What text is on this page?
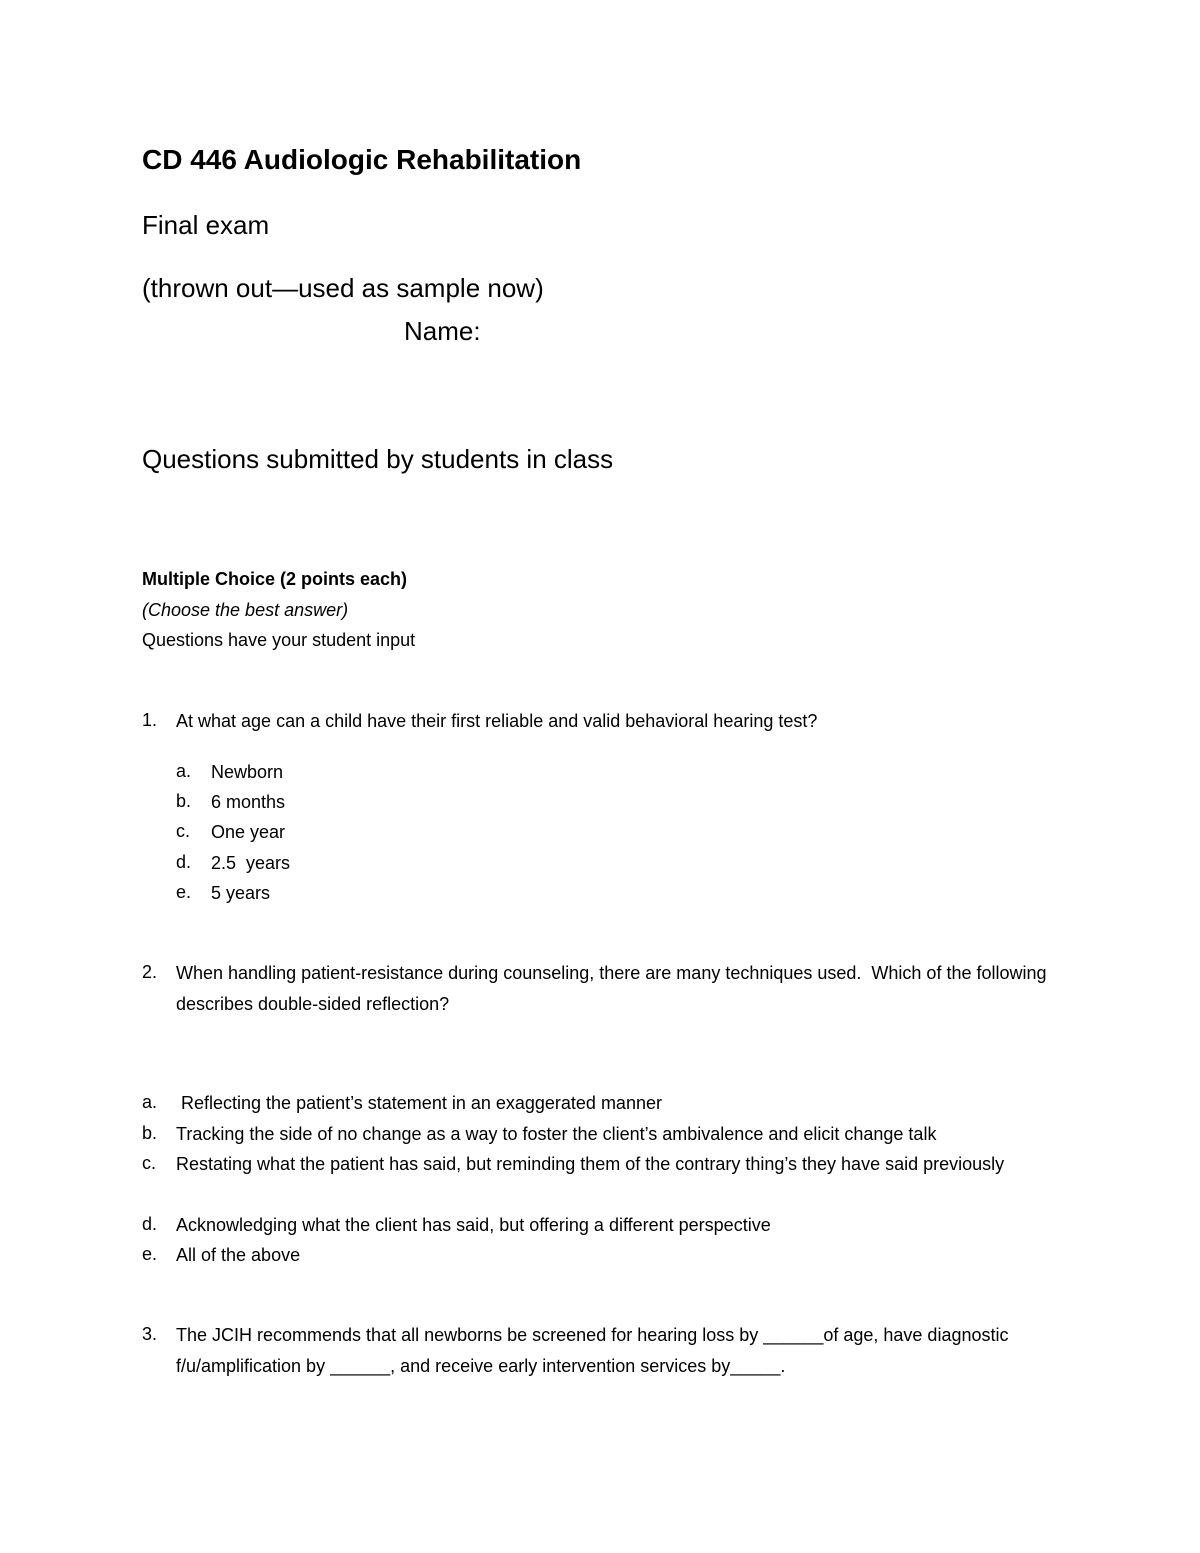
CD 446 Audiologic Rehabilitation
Final exam
(thrown out—used as sample now)
Name:
Questions submitted by students in class
Multiple Choice (2 points each)
(Choose the best answer)
Questions have your student input
1. At what age can a child have their first reliable and valid behavioral hearing test?
a. Newborn
b. 6 months
c. One year
d. 2.5  years
e. 5 years
2. When handling patient-resistance during counseling, there are many techniques used.  Which of the following describes double-sided reflection?
a. Reflecting the patient’s statement in an exaggerated manner
b. Tracking the side of no change as a way to foster the client’s ambivalence and elicit change talk
c. Restating what the patient has said, but reminding them of the contrary thing’s they have said previously
d. Acknowledging what the client has said, but offering a different perspective
e. All of the above
3. The JCIH recommends that all newborns be screened for hearing loss by ______of age, have diagnostic f/u/amplification by ______, and receive early intervention services by_____.
